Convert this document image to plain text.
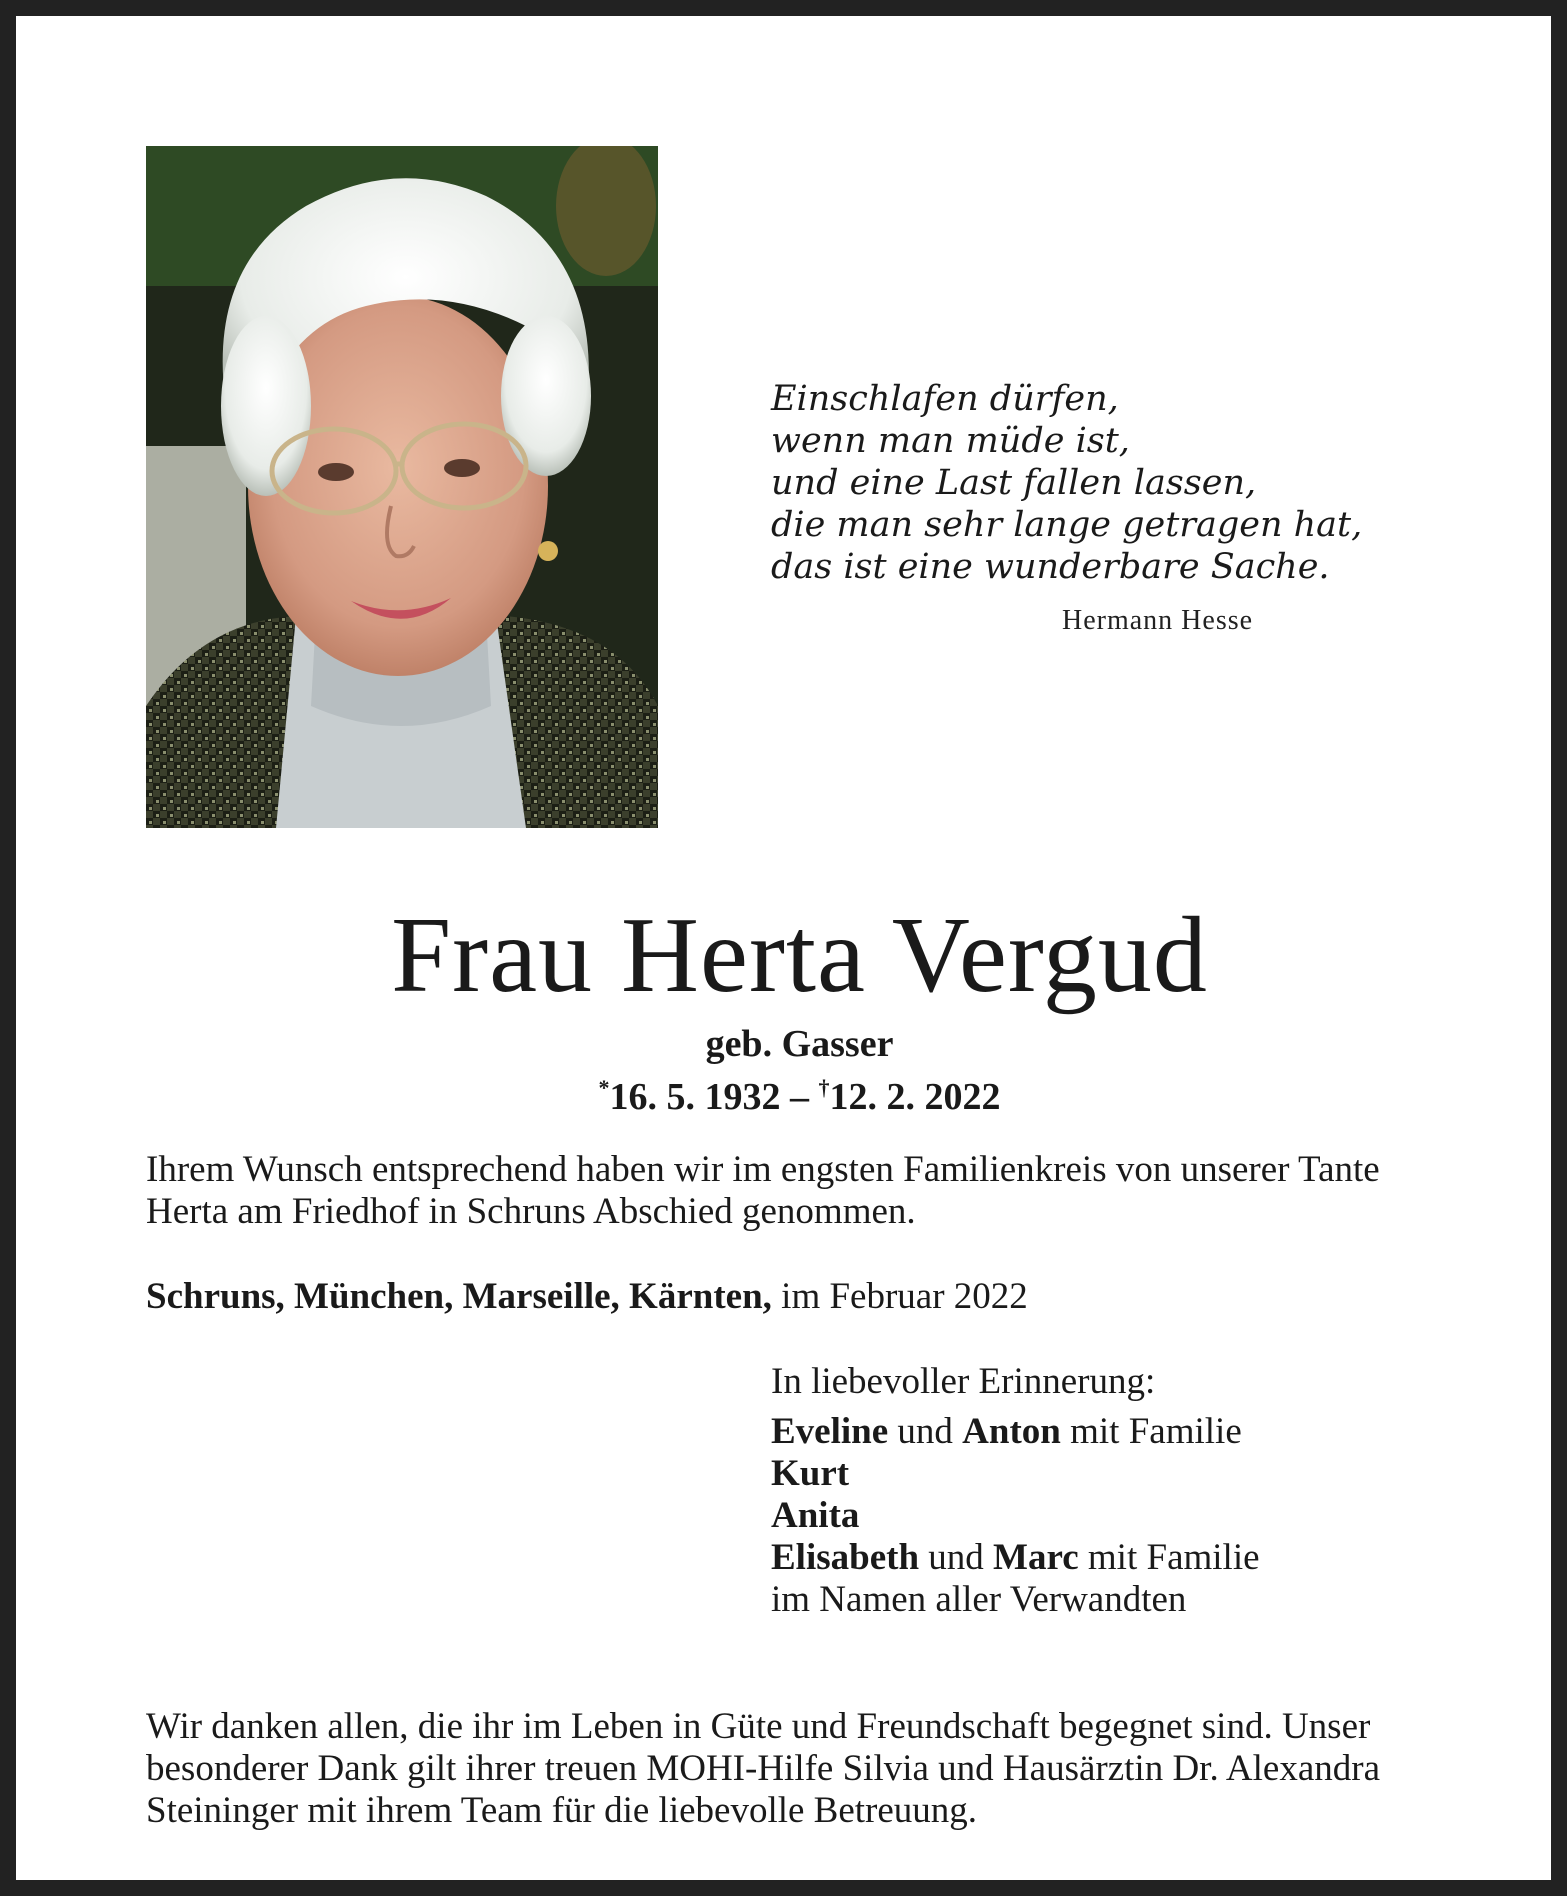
Einschlafen dürfen,
wenn man müde ist,
und eine Last fallen lassen,
die man sehr lange getragen hat,
das ist eine wunderbare Sache.
Hermann Hesse
Frau Herta Vergud
geb. Gasser
*16. 5. 1932 – †12. 2. 2022
Ihrem Wunsch entsprechend haben wir im engsten Familienkreis von unserer Tante Herta am Friedhof in Schruns Abschied genommen.
Schruns, München, Marseille, Kärnten, im Februar 2022
In liebevoller Erinnerung:
Eveline und Anton mit Familie
Kurt
Anita
Elisabeth und Marc mit Familie
im Namen aller Verwandten
Wir danken allen, die ihr im Leben in Güte und Freundschaft begegnet sind. Unser besonderer Dank gilt ihrer treuen MOHI-Hilfe Silvia und Hausärztin Dr. Alexandra Steininger mit ihrem Team für die liebevolle Betreuung.
